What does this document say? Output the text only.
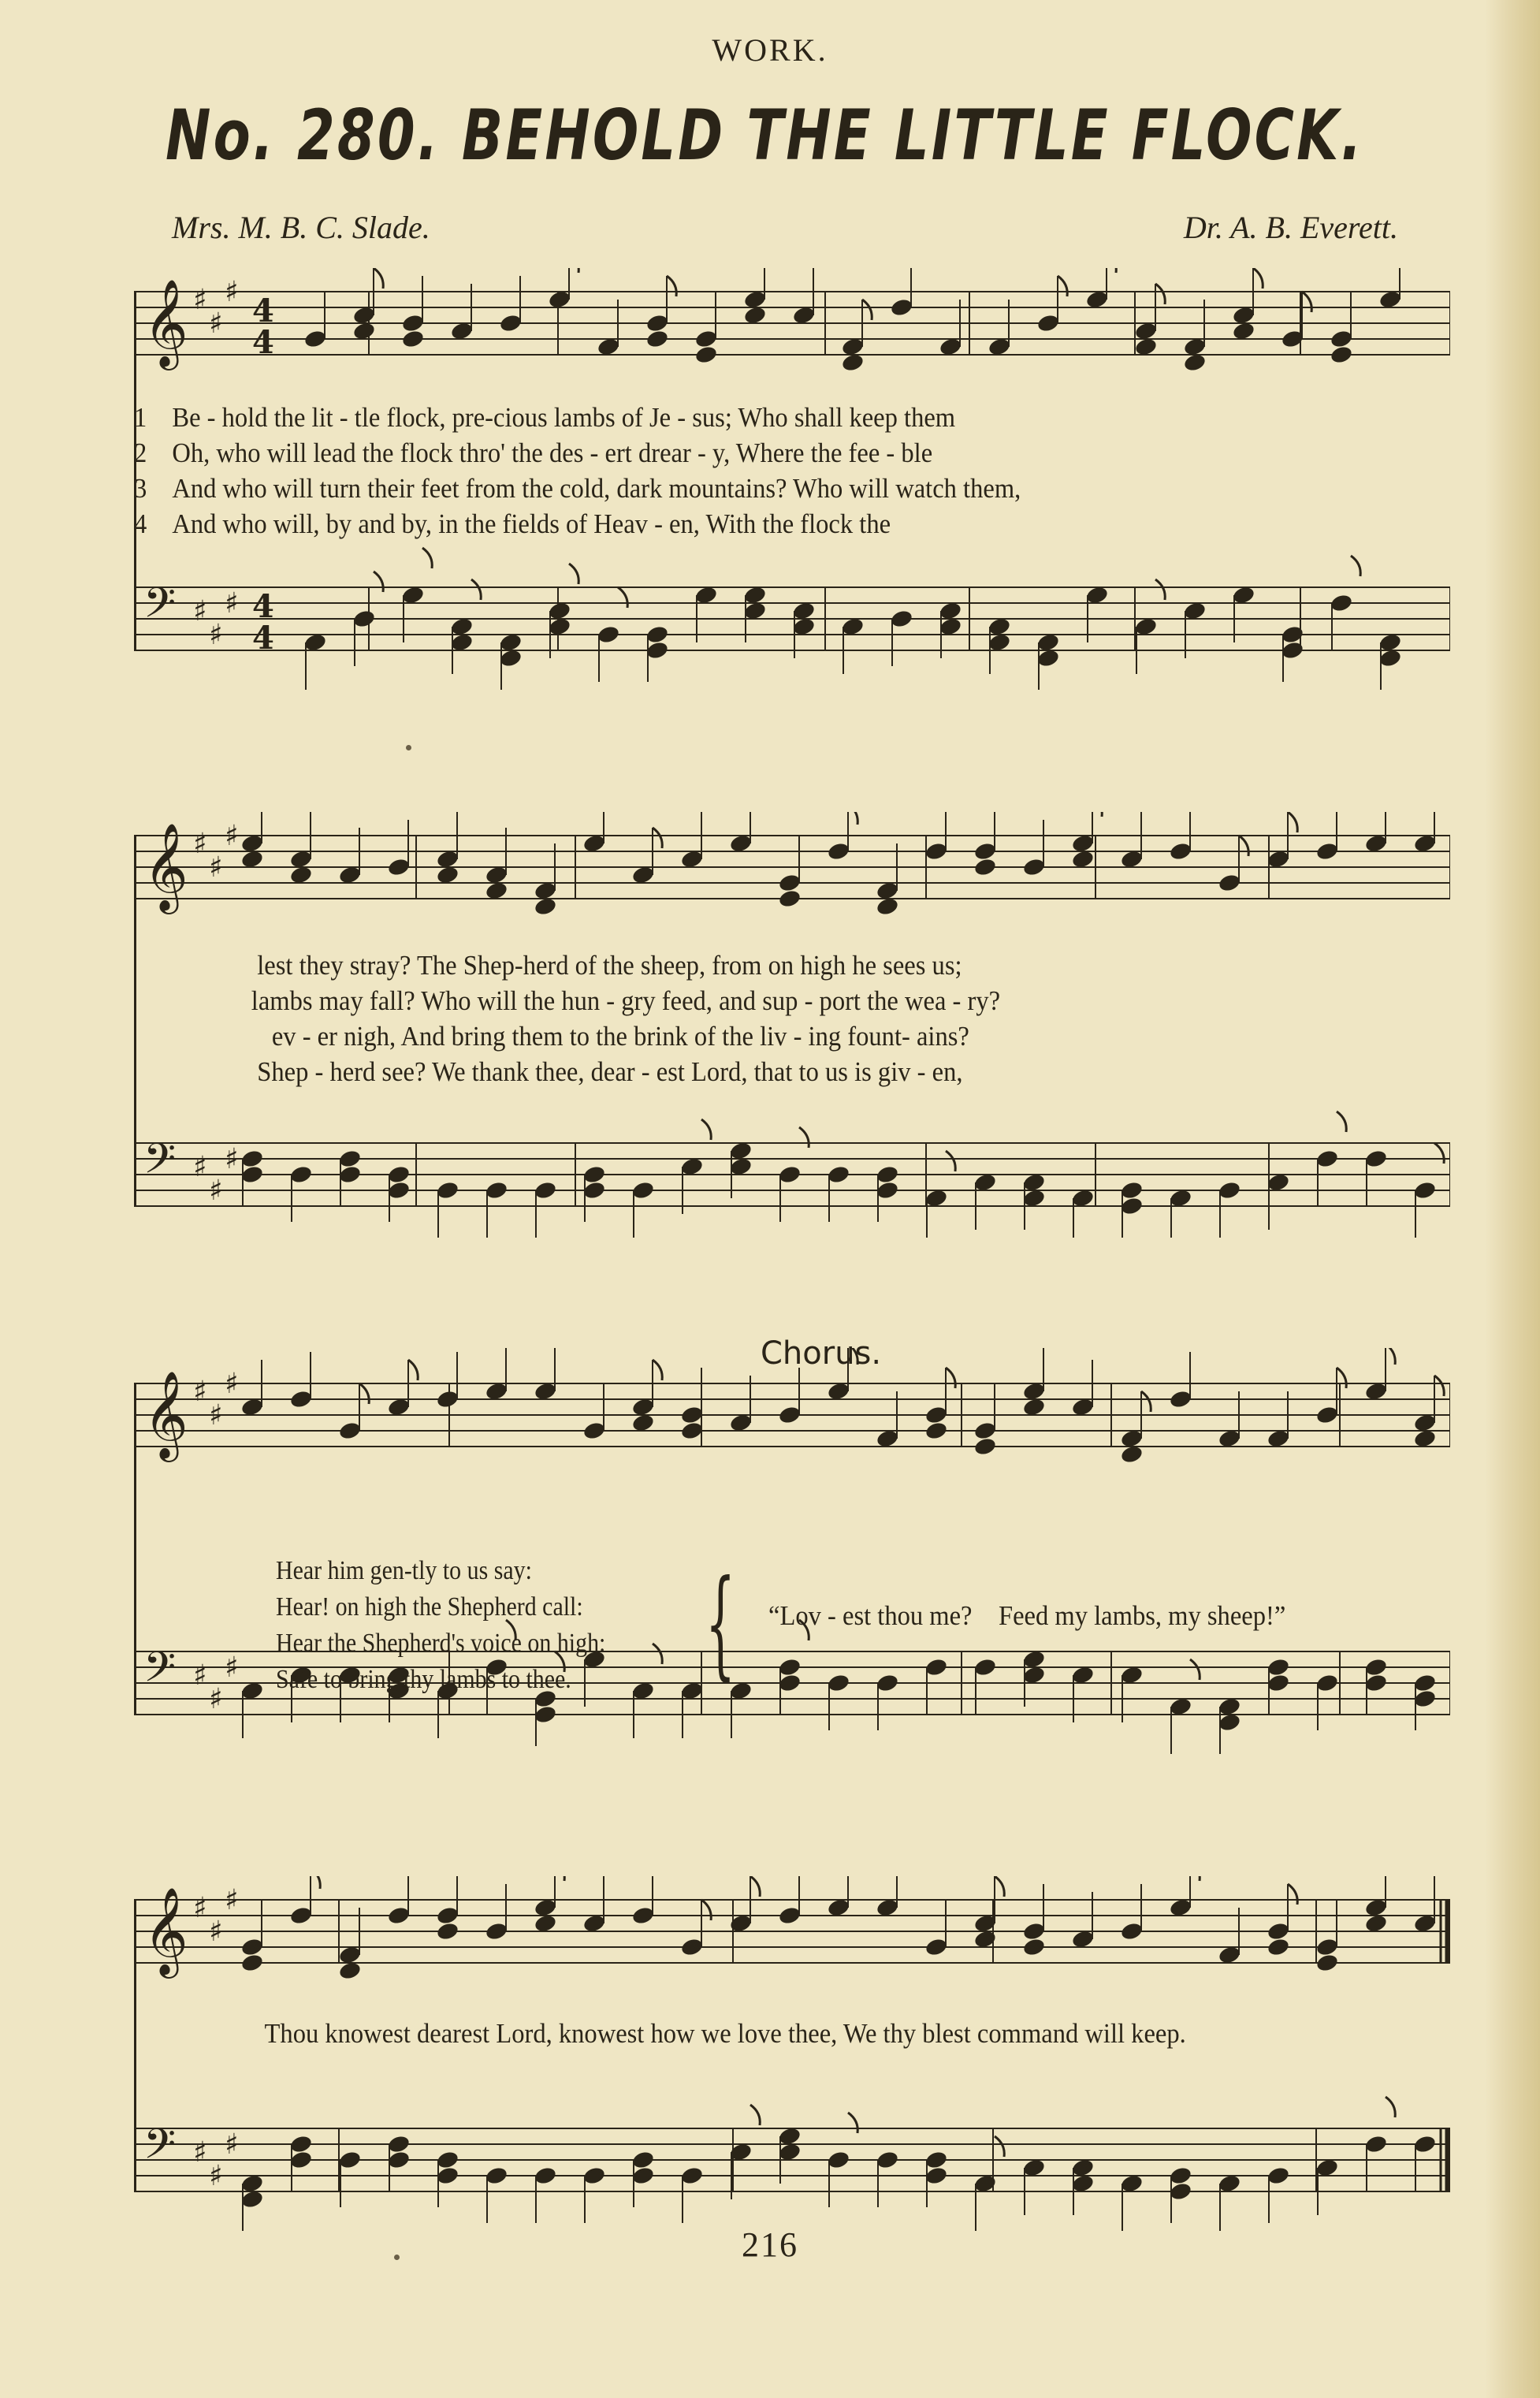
WORK.
No. 280. BEHOLD THE LITTLE FLOCK.
Mrs. M. B. C. Slade.	Dr. A. B. Everett.
𝄞 ♯
♯
♯
4
4
𝄢 ♯
♯
♯ 4
4
1 Be - hold the lit - tle flock, pre-cious lambs of Je - sus; Who shall keep them
2 Oh, who will lead the flock thro' the des - ert drear - y, Where the fee - ble
3 And who will turn their feet from the cold, dark mountains? Who will watch them,
4 And who will, by and by, in the fields of Heav - en, With the flock the
𝄞 ♯
♯
♯
𝄢 ♯
♯
♯
lest they stray? The Shep-herd of the sheep, from on high he sees us;
lambs may fall? Who will the hun - gry feed, and sup - port the wea - ry?
ev - er nigh, And bring them to the brink of the liv - ing fount- ains?
Shep - herd see? We thank thee, dear - est Lord, that to us is giv - en,
𝄞 ♯
♯
♯
𝄢 ♯
♯
♯
Chorus.
Hear him gen-tly to us say:
Hear! on high the Shepherd call:
Hear the Shepherd's voice on high:
Safe to bring thy lambs to thee. { “Lov - est thou me? Feed my lambs, my sheep!”
𝄞 ♯
♯
♯
𝄢 ♯
♯
♯
Thou knowest dearest Lord, knowest how we love thee, We thy blest command will keep.
216
